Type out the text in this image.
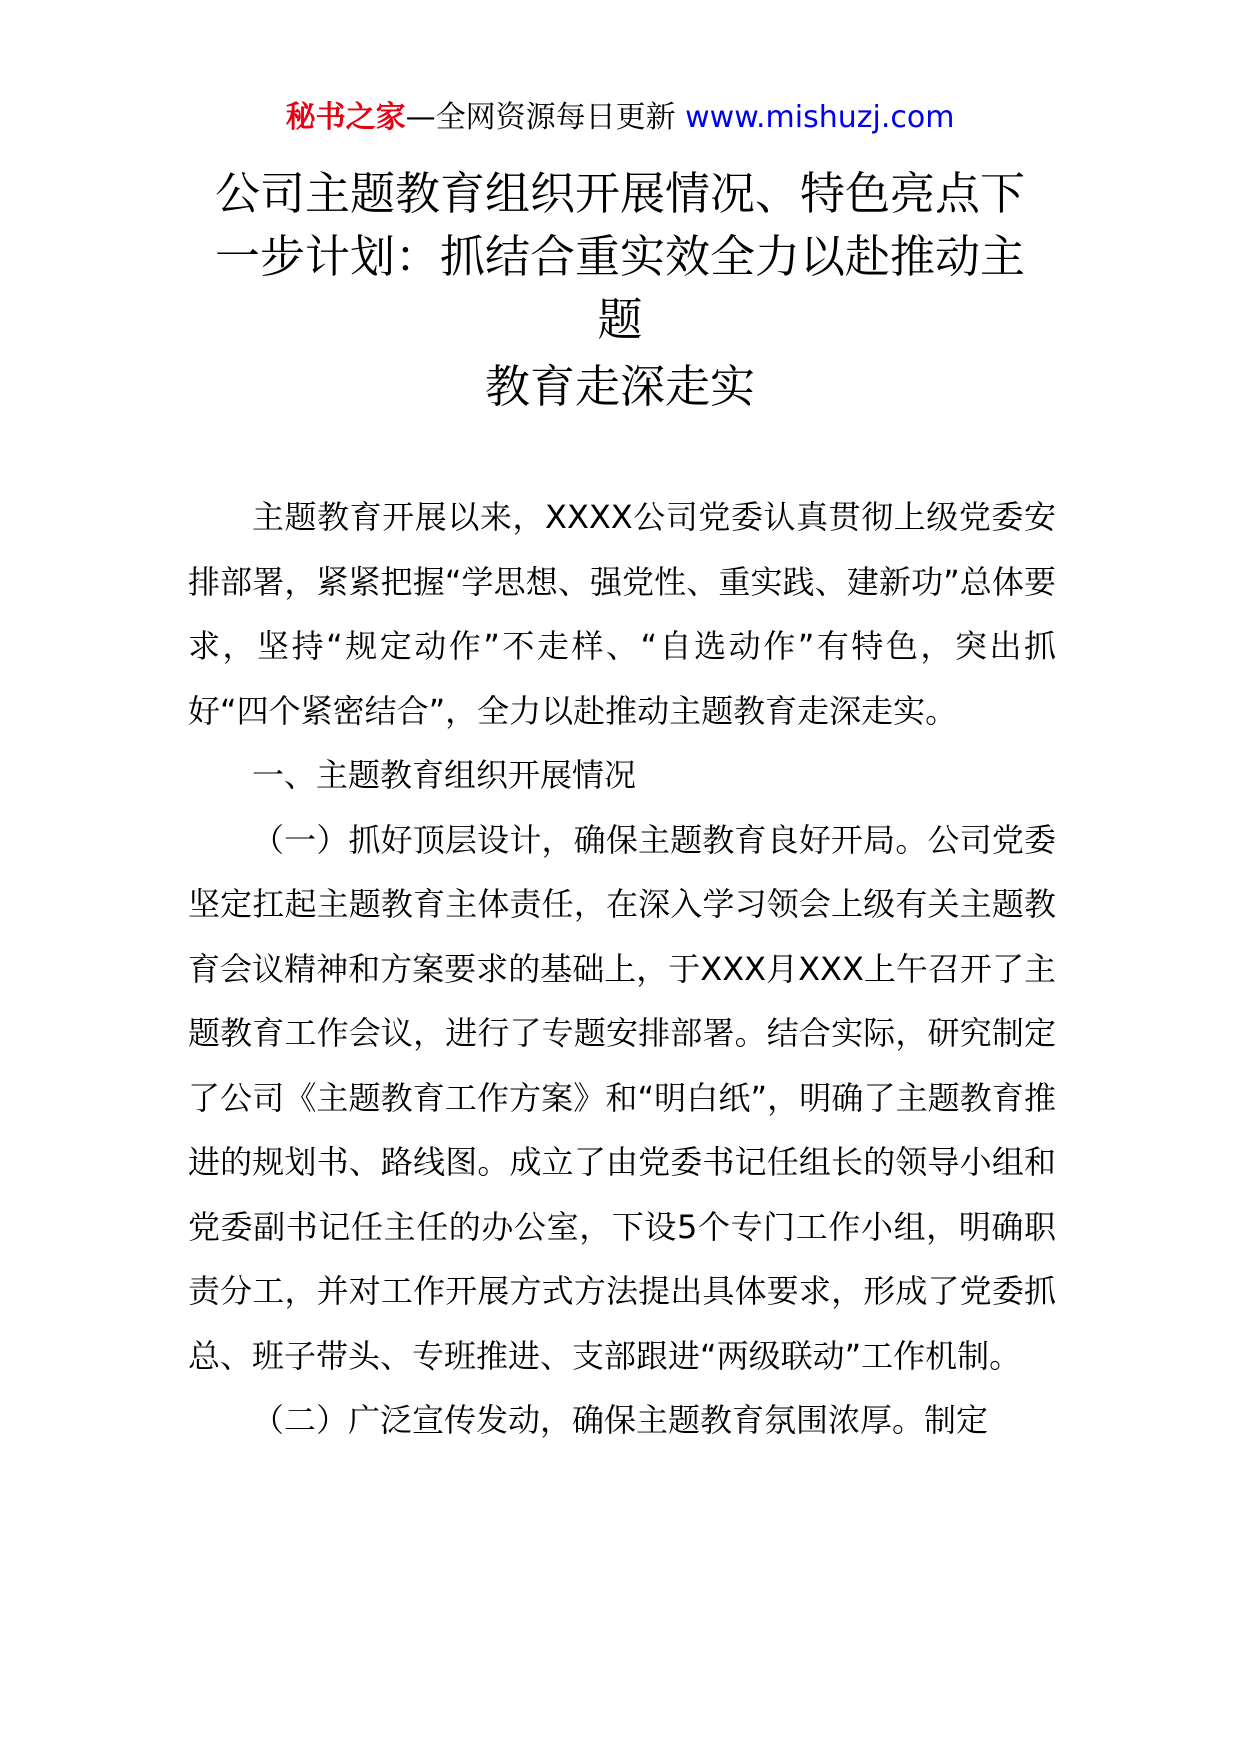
秘书之家—全网资源每日更新 www.mishuzj.com
公司主题教育组织开展情况、特色亮点下
一步计划：抓结合重实效全力以赴推动主
题
教育走深走实

主题教育开展以来，XXXX公司党委认真贯彻上级党委安排部署，紧紧把握“学思想、强党性、重实践、建新功”总体要求，坚持“规定动作”不走样、“自选动作”有特色，突出抓好“四个紧密结合”，全力以赴推动主题教育走深走实。

一、主题教育组织开展情况

（一）抓好顶层设计，确保主题教育良好开局。公司党委坚定扛起主题教育主体责任，在深入学习领会上级有关主题教育会议精神和方案要求的基础上，于XXX月XXX上午召开了主题教育工作会议，进行了专题安排部署。结合实际，研究制定了公司《主题教育工作方案》和“明白纸”，明确了主题教育推进的规划书、路线图。成立了由党委书记任组长的领导小组和党委副书记任主任的办公室，下设5个专门工作小组，明确职责分工，并对工作开展方式方法提出具体要求，形成了党委抓总、班子带头、专班推进、支部跟进“两级联动”工作机制。

（二）广泛宣传发动，确保主题教育氛围浓厚。制定
